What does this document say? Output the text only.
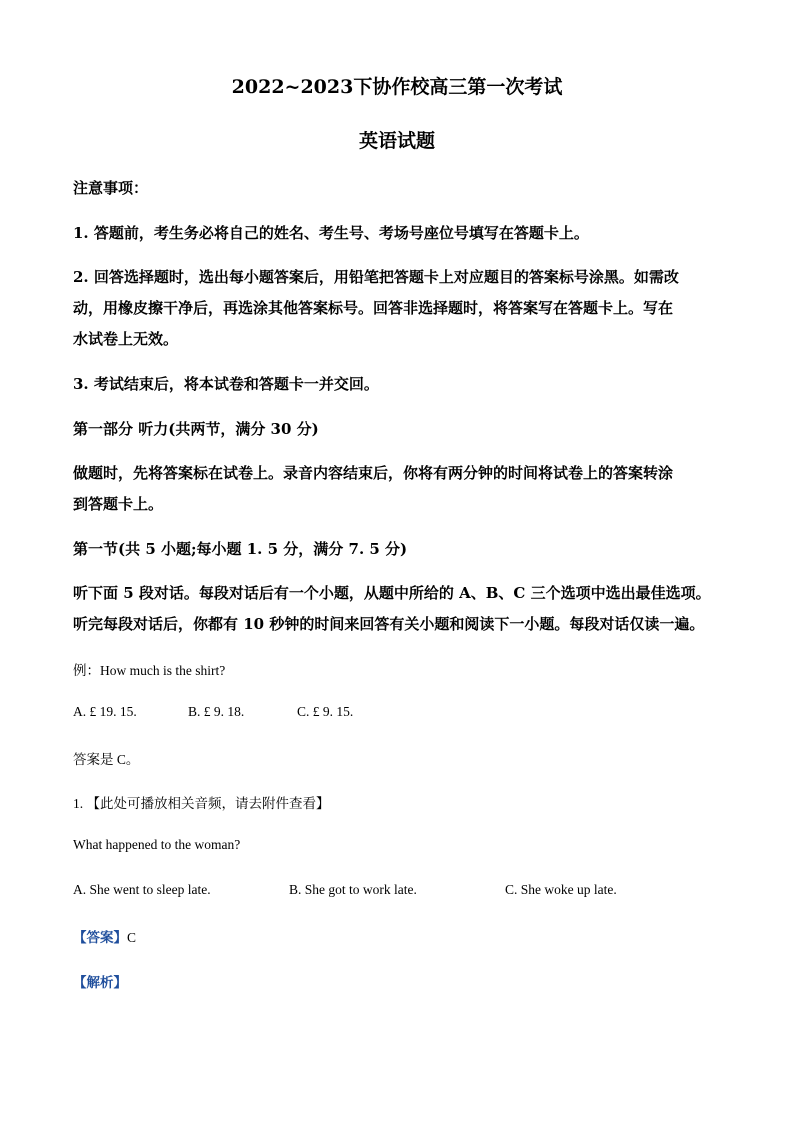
2022~2023下协作校高三第一次考试
英语试题
注意事项：
1. 答题前，考生务必将自己的姓名、考生号、考场号座位号填写在答题卡上。
2. 回答选择题时，选出每小题答案后，用铅笔把答题卡上对应题目的答案标号涂黑。如需改
动，用橡皮擦干净后，再选涂其他答案标号。回答非选择题时，将答案写在答题卡上。写在
水试卷上无效。
3. 考试结束后，将本试卷和答题卡一并交回。
第一部分 听力(共两节，满分 30 分)
做题时，先将答案标在试卷上。录音内容结束后，你将有两分钟的时间将试卷上的答案转涂
到答题卡上。
第一节(共 5 小题;每小题 1. 5 分，满分 7. 5 分)
听下面 5 段对话。每段对话后有一个小题，从题中所给的 A、B、C 三个选项中选出最佳选项。
听完每段对话后，你都有 10 秒钟的时间来回答有关小题和阅读下一小题。每段对话仅读一遍。
例：How much is the shirt?
A. £ 19. 15.	B. £ 9. 18.	C. £ 9. 15.
答案是 C。
1. 【此处可播放相关音频，请去附件查看】
What happened to the woman?
A. She went to sleep late.	B. She got to work late.	C. She woke up late.
【答案】C
【解析】
